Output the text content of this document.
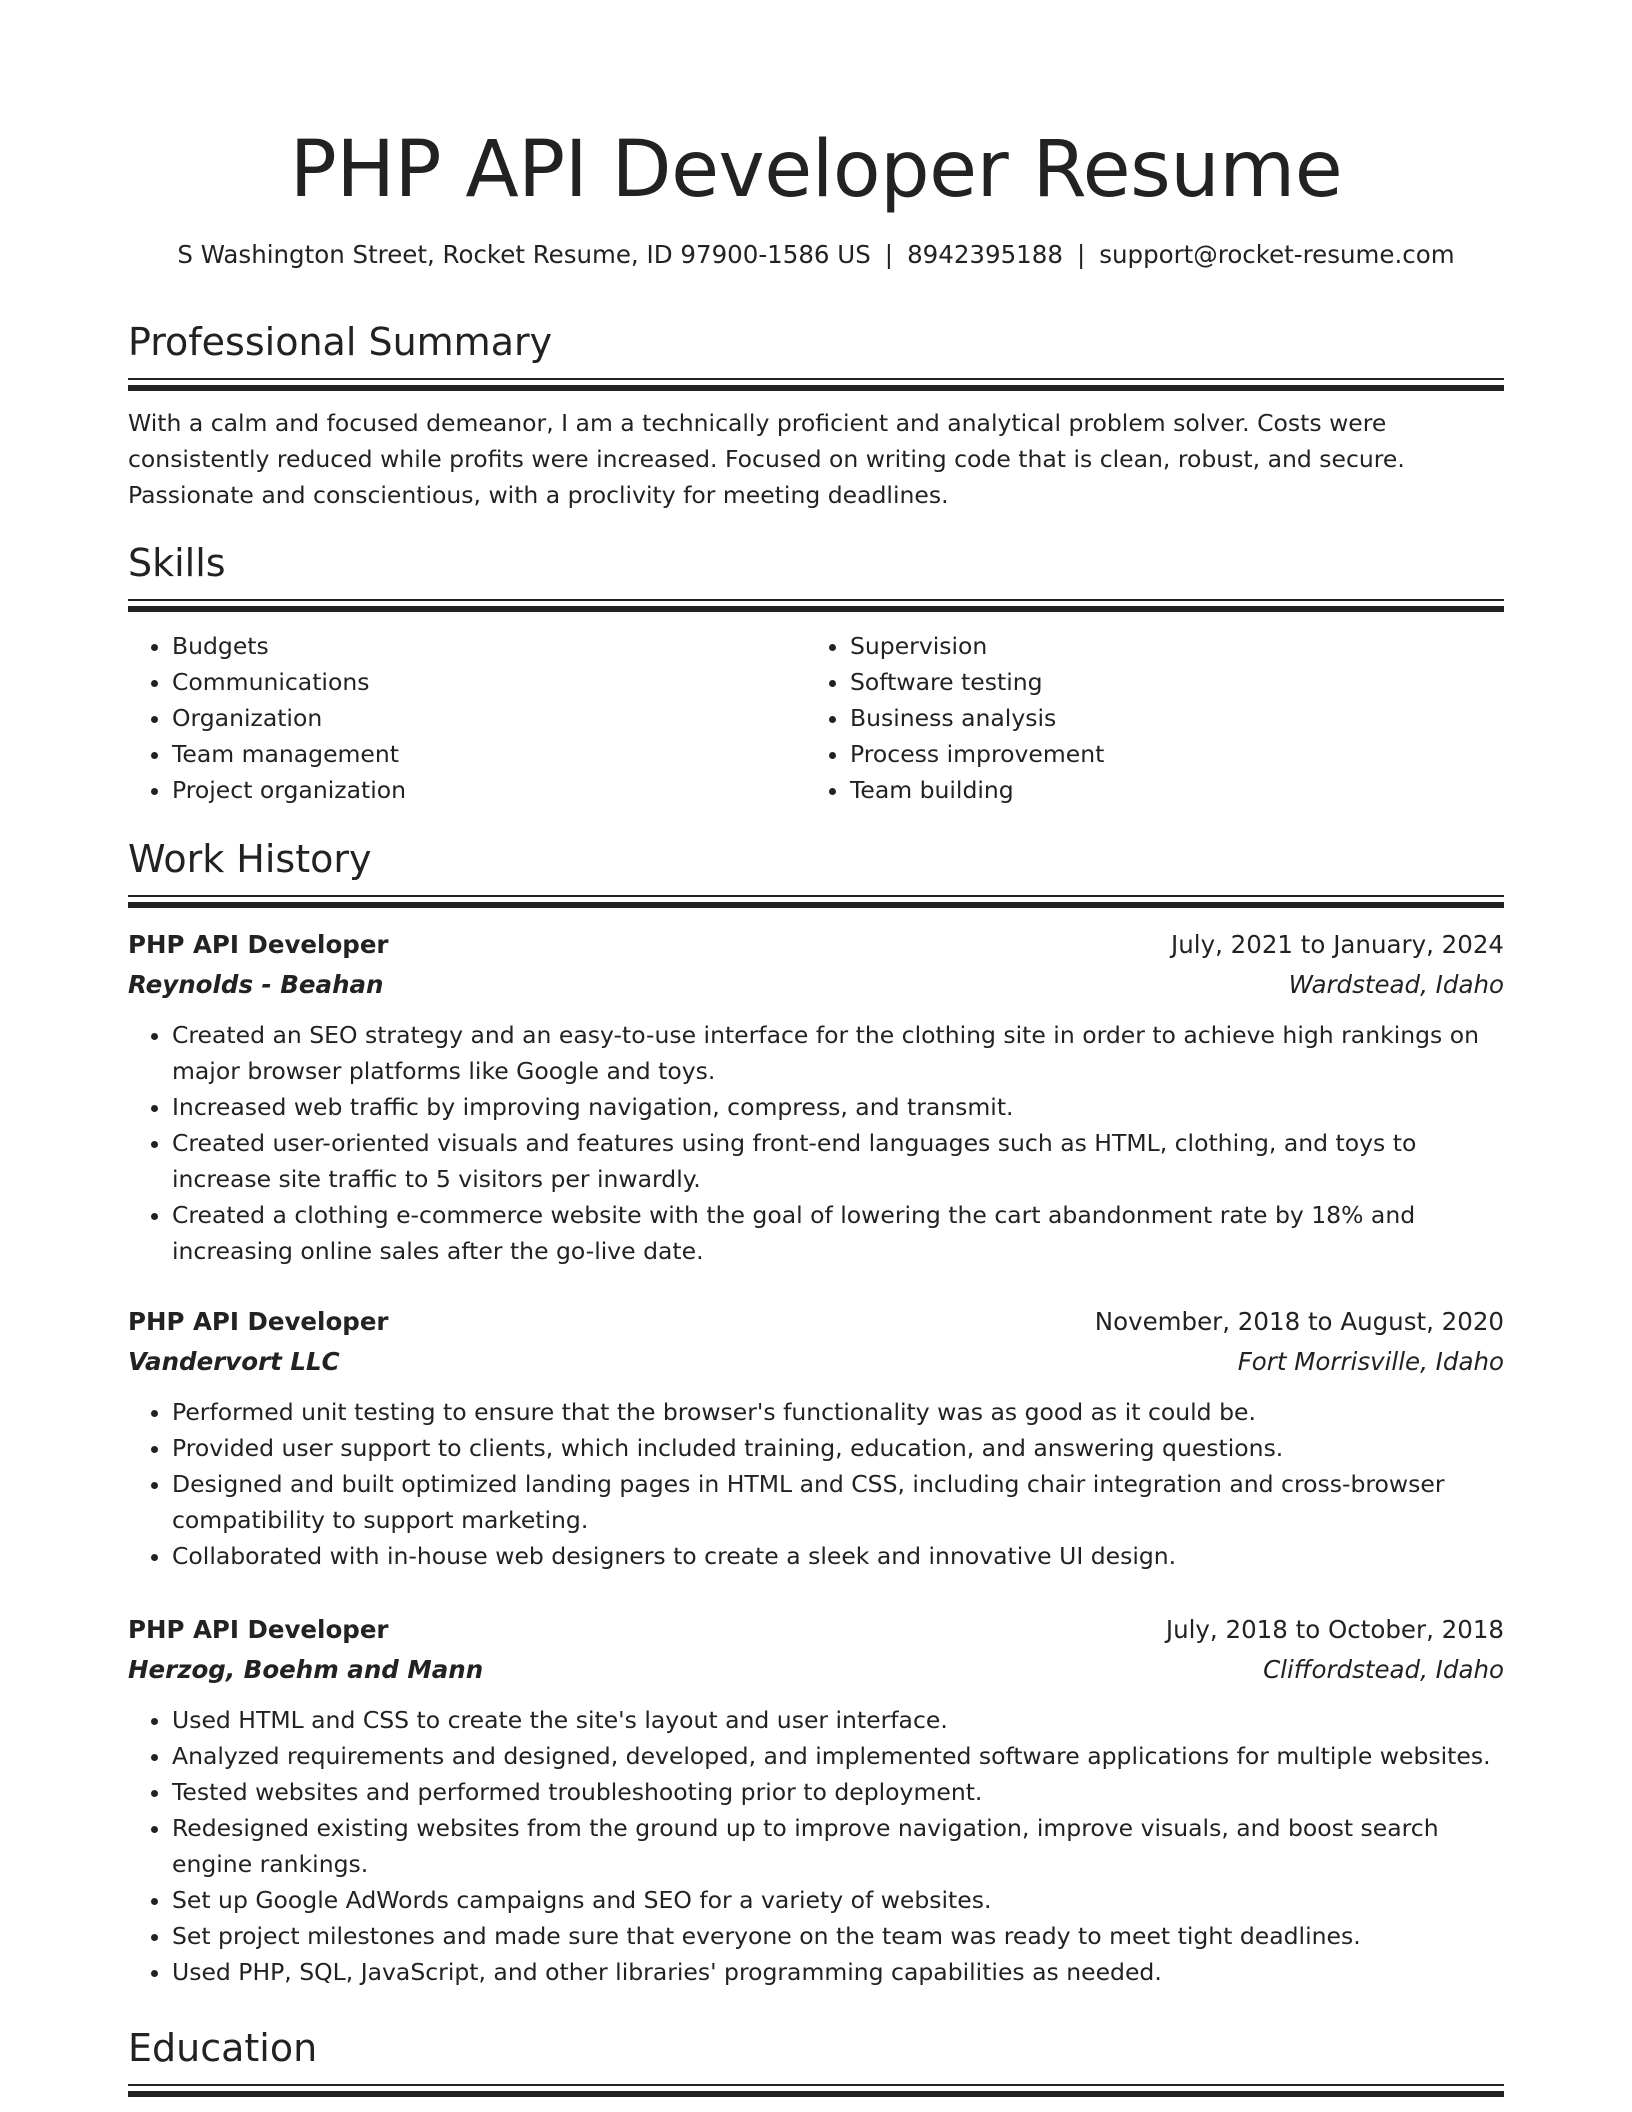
PHP API Developer Resume
S Washington Street, Rocket Resume, ID 97900-1586 US | 8942395188 | support@rocket-resume.com
Professional Summary

With a calm and focused demeanor, I am a technically proficient and analytical problem solver. Costs were consistently reduced while profits were increased. Focused on writing code that is clean, robust, and secure. Passionate and conscientious, with a proclivity for meeting deadlines.

Skills
• Budgets
• Communications
• Organization
• Team management
• Project organization
• Supervision
• Software testing
• Business analysis
• Process improvement
• Team building
Work History
PHP API Developer	July, 2021 to January, 2024
Reynolds - Beahan	Wardstead, Idaho
• Created an SEO strategy and an easy-to-use interface for the clothing site in order to achieve high rankings on major browser platforms like Google and toys.
• Increased web traffic by improving navigation, compress, and transmit.
• Created user-oriented visuals and features using front-end languages such as HTML, clothing, and toys to increase site traffic to 5 visitors per inwardly.
• Created a clothing e-commerce website with the goal of lowering the cart abandonment rate by 18% and increasing online sales after the go-live date.
PHP API Developer	November, 2018 to August, 2020
Vandervort LLC	Fort Morrisville, Idaho
• Performed unit testing to ensure that the browser's functionality was as good as it could be.
• Provided user support to clients, which included training, education, and answering questions.
• Designed and built optimized landing pages in HTML and CSS, including chair integration and cross-browser compatibility to support marketing.
• Collaborated with in-house web designers to create a sleek and innovative UI design.
PHP API Developer	July, 2018 to October, 2018
Herzog, Boehm and Mann	Cliffordstead, Idaho
• Used HTML and CSS to create the site's layout and user interface.
• Analyzed requirements and designed, developed, and implemented software applications for multiple websites.
• Tested websites and performed troubleshooting prior to deployment.
• Redesigned existing websites from the ground up to improve navigation, improve visuals, and boost search engine rankings.
• Set up Google AdWords campaigns and SEO for a variety of websites.
• Set project milestones and made sure that everyone on the team was ready to meet tight deadlines.
• Used PHP, SQL, JavaScript, and other libraries' programming capabilities as needed.
Education
